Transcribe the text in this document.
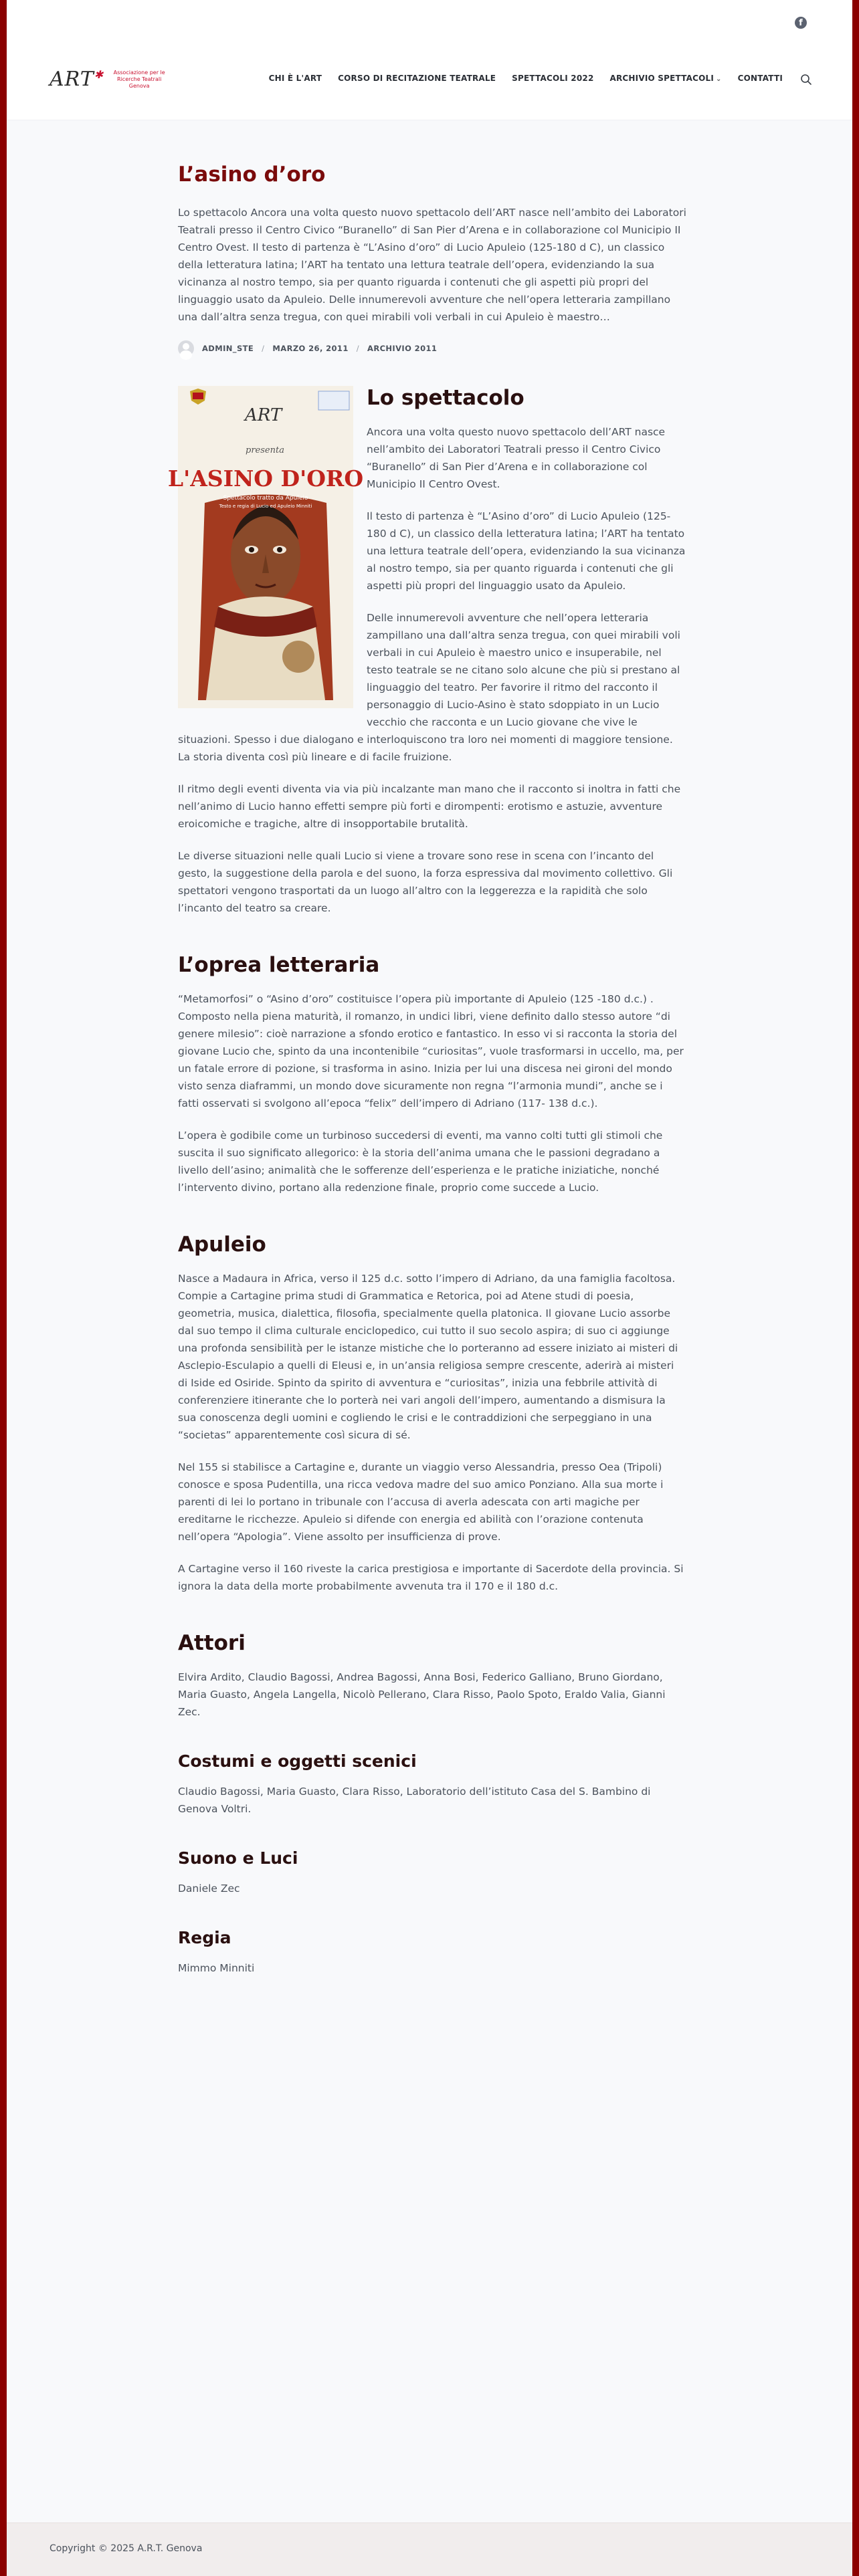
f
ART✱	Associazione per le Ricerche Teatrali Genova
CHI È L'ART CORSO DI RECITAZIONE TEATRALE SPETTACOLI 2022 ARCHIVIO SPETTACOLI ⌄ CONTATTI
L’asino d’oro

Lo spettacolo Ancora una volta questo nuovo spettacolo dell’ART nasce nell’ambito dei Laboratori Teatrali presso il Centro Civico “Buranello” di San Pier d’Arena e in collaborazione col Municipio II Centro Ovest. Il testo di partenza è “L’Asino d’oro” di Lucio Apuleio (125-180 d C), un classico della letteratura latina; l’ART ha tentato una lettura teatrale dell’opera, evidenziando la sua vicinanza al nostro tempo, sia per quanto riguarda i contenuti che gli aspetti più propri del linguaggio usato da Apuleio. Delle innumerevoli avventure che nell’opera letteraria zampillano una dall’altra senza tregua, con quei mirabili voli verbali in cui Apuleio è maestro…

ADMIN_STE / MARZO 26, 2011 / ARCHIVIO 2011
ART
presenta
L'ASINO D'ORO
Spettacolo tratto da Apuleio
Testo e regia di Lucio ed Apuleio Minniti
Lo spettacolo

Ancora una volta questo nuovo spettacolo dell’ART nasce nell’ambito dei Laboratori Teatrali presso il Centro Civico “Buranello” di San Pier d’Arena e in collaborazione col Municipio II Centro Ovest.

Il testo di partenza è “L’Asino d’oro” di Lucio Apuleio (125-180 d C), un classico della letteratura latina; l’ART ha tentato una lettura teatrale dell’opera, evidenziando la sua vicinanza al nostro tempo, sia per quanto riguarda i contenuti che gli aspetti più propri del linguaggio usato da Apuleio.

Delle innumerevoli avventure che nell’opera letteraria zampillano una dall’altra senza tregua, con quei mirabili voli verbali in cui Apuleio è maestro unico e insuperabile, nel testo teatrale se ne citano solo alcune che più si prestano al linguaggio del teatro. Per favorire il ritmo del racconto il personaggio di Lucio-Asino è stato sdoppiato in un Lucio vecchio che racconta e un Lucio giovane che vive le situazioni. Spesso i due dialogano e interloquiscono tra loro nei momenti di maggiore tensione. La storia diventa così più lineare e di facile fruizione.

Il ritmo degli eventi diventa via via più incalzante man mano che il racconto si inoltra in fatti che nell’animo di Lucio hanno effetti sempre più forti e dirompenti: erotismo e astuzie, avventure eroicomiche e tragiche, altre di insopportabile brutalità.

Le diverse situazioni nelle quali Lucio si viene a trovare sono rese in scena con l’incanto del gesto, la suggestione della parola e del suono, la forza espressiva dal movimento collettivo. Gli spettatori vengono trasportati da un luogo all’altro con la leggerezza e la rapidità che solo l’incanto del teatro sa creare.

L’oprea letteraria

“Metamorfosi” o “Asino d’oro” costituisce l’opera più importante di Apuleio (125 -180 d.c.) . Composto nella piena maturità, il romanzo, in undici libri, viene definito dallo stesso autore “di genere milesio”: cioè narrazione a sfondo erotico e fantastico. In esso vi si racconta la storia del giovane Lucio che, spinto da una incontenibile “curiositas”, vuole trasformarsi in uccello, ma, per un fatale errore di pozione, si trasforma in asino. Inizia per lui una discesa nei gironi del mondo visto senza diaframmi, un mondo dove sicuramente non regna “l’armonia mundi”, anche se i fatti osservati si svolgono all’epoca “felix” dell’impero di Adriano (117- 138 d.c.).

L’opera è godibile come un turbinoso succedersi di eventi, ma vanno colti tutti gli stimoli che suscita il suo significato allegorico: è la storia dell’anima umana che le passioni degradano a livello dell’asino; animalità che le sofferenze dell’esperienza e le pratiche iniziatiche, nonché l’intervento divino, portano alla redenzione finale, proprio come succede a Lucio.

Apuleio

Nasce a Madaura in Africa, verso il 125 d.c. sotto l’impero di Adriano, da una famiglia facoltosa. Compie a Cartagine prima studi di Grammatica e Retorica, poi ad Atene studi di poesia, geometria, musica, dialettica, filosofia, specialmente quella platonica. Il giovane Lucio assorbe dal suo tempo il clima culturale enciclopedico, cui tutto il suo secolo aspira; di suo ci aggiunge una profonda sensibilità per le istanze mistiche che lo porteranno ad essere iniziato ai misteri di Asclepio-Esculapio a quelli di Eleusi e, in un’ansia religiosa sempre crescente, aderirà ai misteri di Iside ed Osiride. Spinto da spirito di avventura e “curiositas”, inizia una febbrile attività di conferenziere itinerante che lo porterà nei vari angoli dell’impero, aumentando a dismisura la sua conoscenza degli uomini e cogliendo le crisi e le contraddizioni che serpeggiano in una “societas” apparentemente così sicura di sé.

Nel 155 si stabilisce a Cartagine e, durante un viaggio verso Alessandria, presso Oea (Tripoli) conosce e sposa Pudentilla, una ricca vedova madre del suo amico Ponziano. Alla sua morte i parenti di lei lo portano in tribunale con l’accusa di averla adescata con arti magiche per ereditarne le ricchezze. Apuleio si difende con energia ed abilità con l’orazione contenuta nell’opera “Apologia”. Viene assolto per insufficienza di prove.

A Cartagine verso il 160 riveste la carica prestigiosa e importante di Sacerdote della provincia. Si ignora la data della morte probabilmente avvenuta tra il 170 e il 180 d.c.

Attori

Elvira Ardito, Claudio Bagossi, Andrea Bagossi, Anna Bosi, Federico Galliano, Bruno Giordano, Maria Guasto, Angela Langella, Nicolò Pellerano, Clara Risso, Paolo Spoto, Eraldo Valia, Gianni Zec.

Costumi e oggetti scenici

Claudio Bagossi, Maria Guasto, Clara Risso, Laboratorio dell’istituto Casa del S. Bambino di Genova Voltri.

Suono e Luci

Daniele Zec

Regia

Mimmo Minniti

Copyright © 2025 A.R.T. Genova
